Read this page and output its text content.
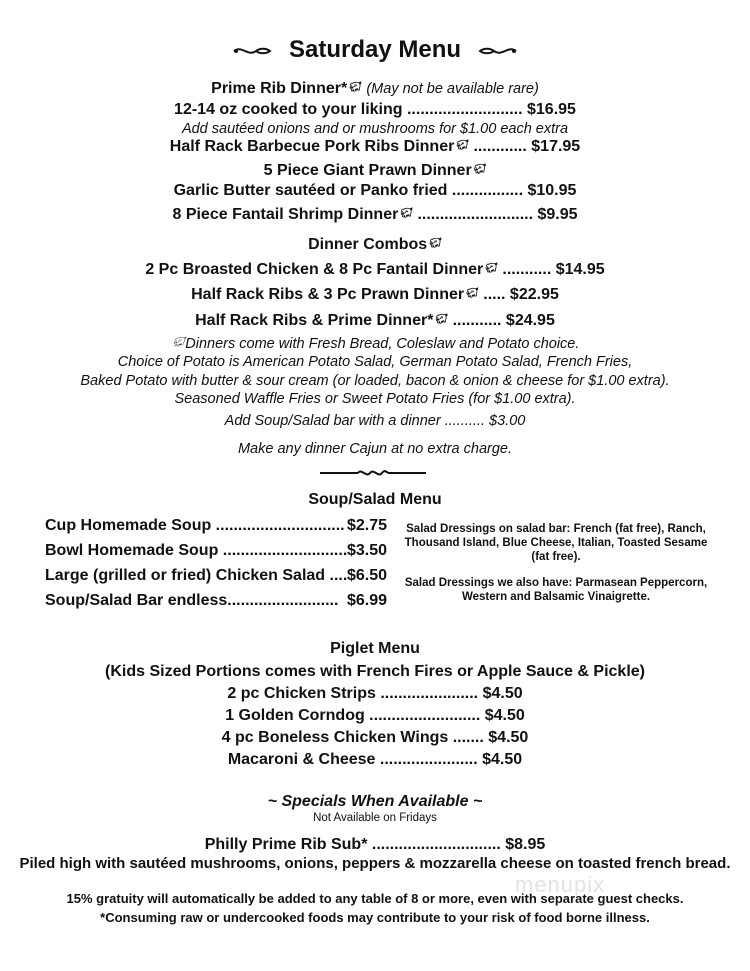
Saturday Menu
Prime Rib Dinner* 🐖︎ (May not be available rare)
12-14 oz cooked to your liking .......................... $16.95
Add sautéed onions and or mushrooms for $1.00 each extra
Half Rack Barbecue Pork Ribs Dinner 🐖︎ ............ $17.95
5 Piece Giant Prawn Dinner 🐖︎
Garlic Butter sautéed or Panko fried ................ $10.95
8 Piece Fantail Shrimp Dinner 🐖︎ .......................... $9.95
Dinner Combos 🐖︎
2 Pc Broasted Chicken & 8 Pc Fantail Dinner 🐖︎ ........... $14.95
Half Rack Ribs & 3 Pc Prawn Dinner 🐖︎ ..... $22.95
Half Rack Ribs & Prime Dinner* 🐖︎ ........... $24.95
🐖︎Dinners come with Fresh Bread, Coleslaw and Potato choice.
Choice of Potato is American Potato Salad, German Potato Salad, French Fries,
Baked Potato with butter & sour cream (or loaded, bacon & onion & cheese for $1.00 extra).
Seasoned Waffle Fries or Sweet Potato Fries (for $1.00 extra).
Add Soup/Salad bar with a dinner .......... $3.00
Make any dinner Cajun at no extra charge.
Soup/Salad Menu
Cup Homemade Soup ............................. $2.75
Bowl Homemade Soup ............................ $3.50
Large (grilled or fried) Chicken Salad .... $6.50
Soup/Salad Bar endless......................... $6.99
Salad Dressings on salad bar: French (fat free), Ranch, Thousand Island, Blue Cheese, Italian, Toasted Sesame (fat free).
Salad Dressings we also have: Parmasean Peppercorn, Western and Balsamic Vinaigrette.
Piglet Menu
(Kids Sized Portions comes with French Fires or Apple Sauce & Pickle)
2 pc Chicken Strips ...................... $4.50
1 Golden Corndog ......................... $4.50
4 pc Boneless Chicken Wings ....... $4.50
Macaroni & Cheese ...................... $4.50
~ Specials When Available ~
Not Available on Fridays
Philly Prime Rib Sub* ............................. $8.95
Piled high with sautéed mushrooms, onions, peppers & mozzarella cheese on toasted french bread.
15% gratuity will automatically be added to any table of 8 or more, even with separate guest checks.
*Consuming raw or undercooked foods may contribute to your risk of food borne illness.
menupix
